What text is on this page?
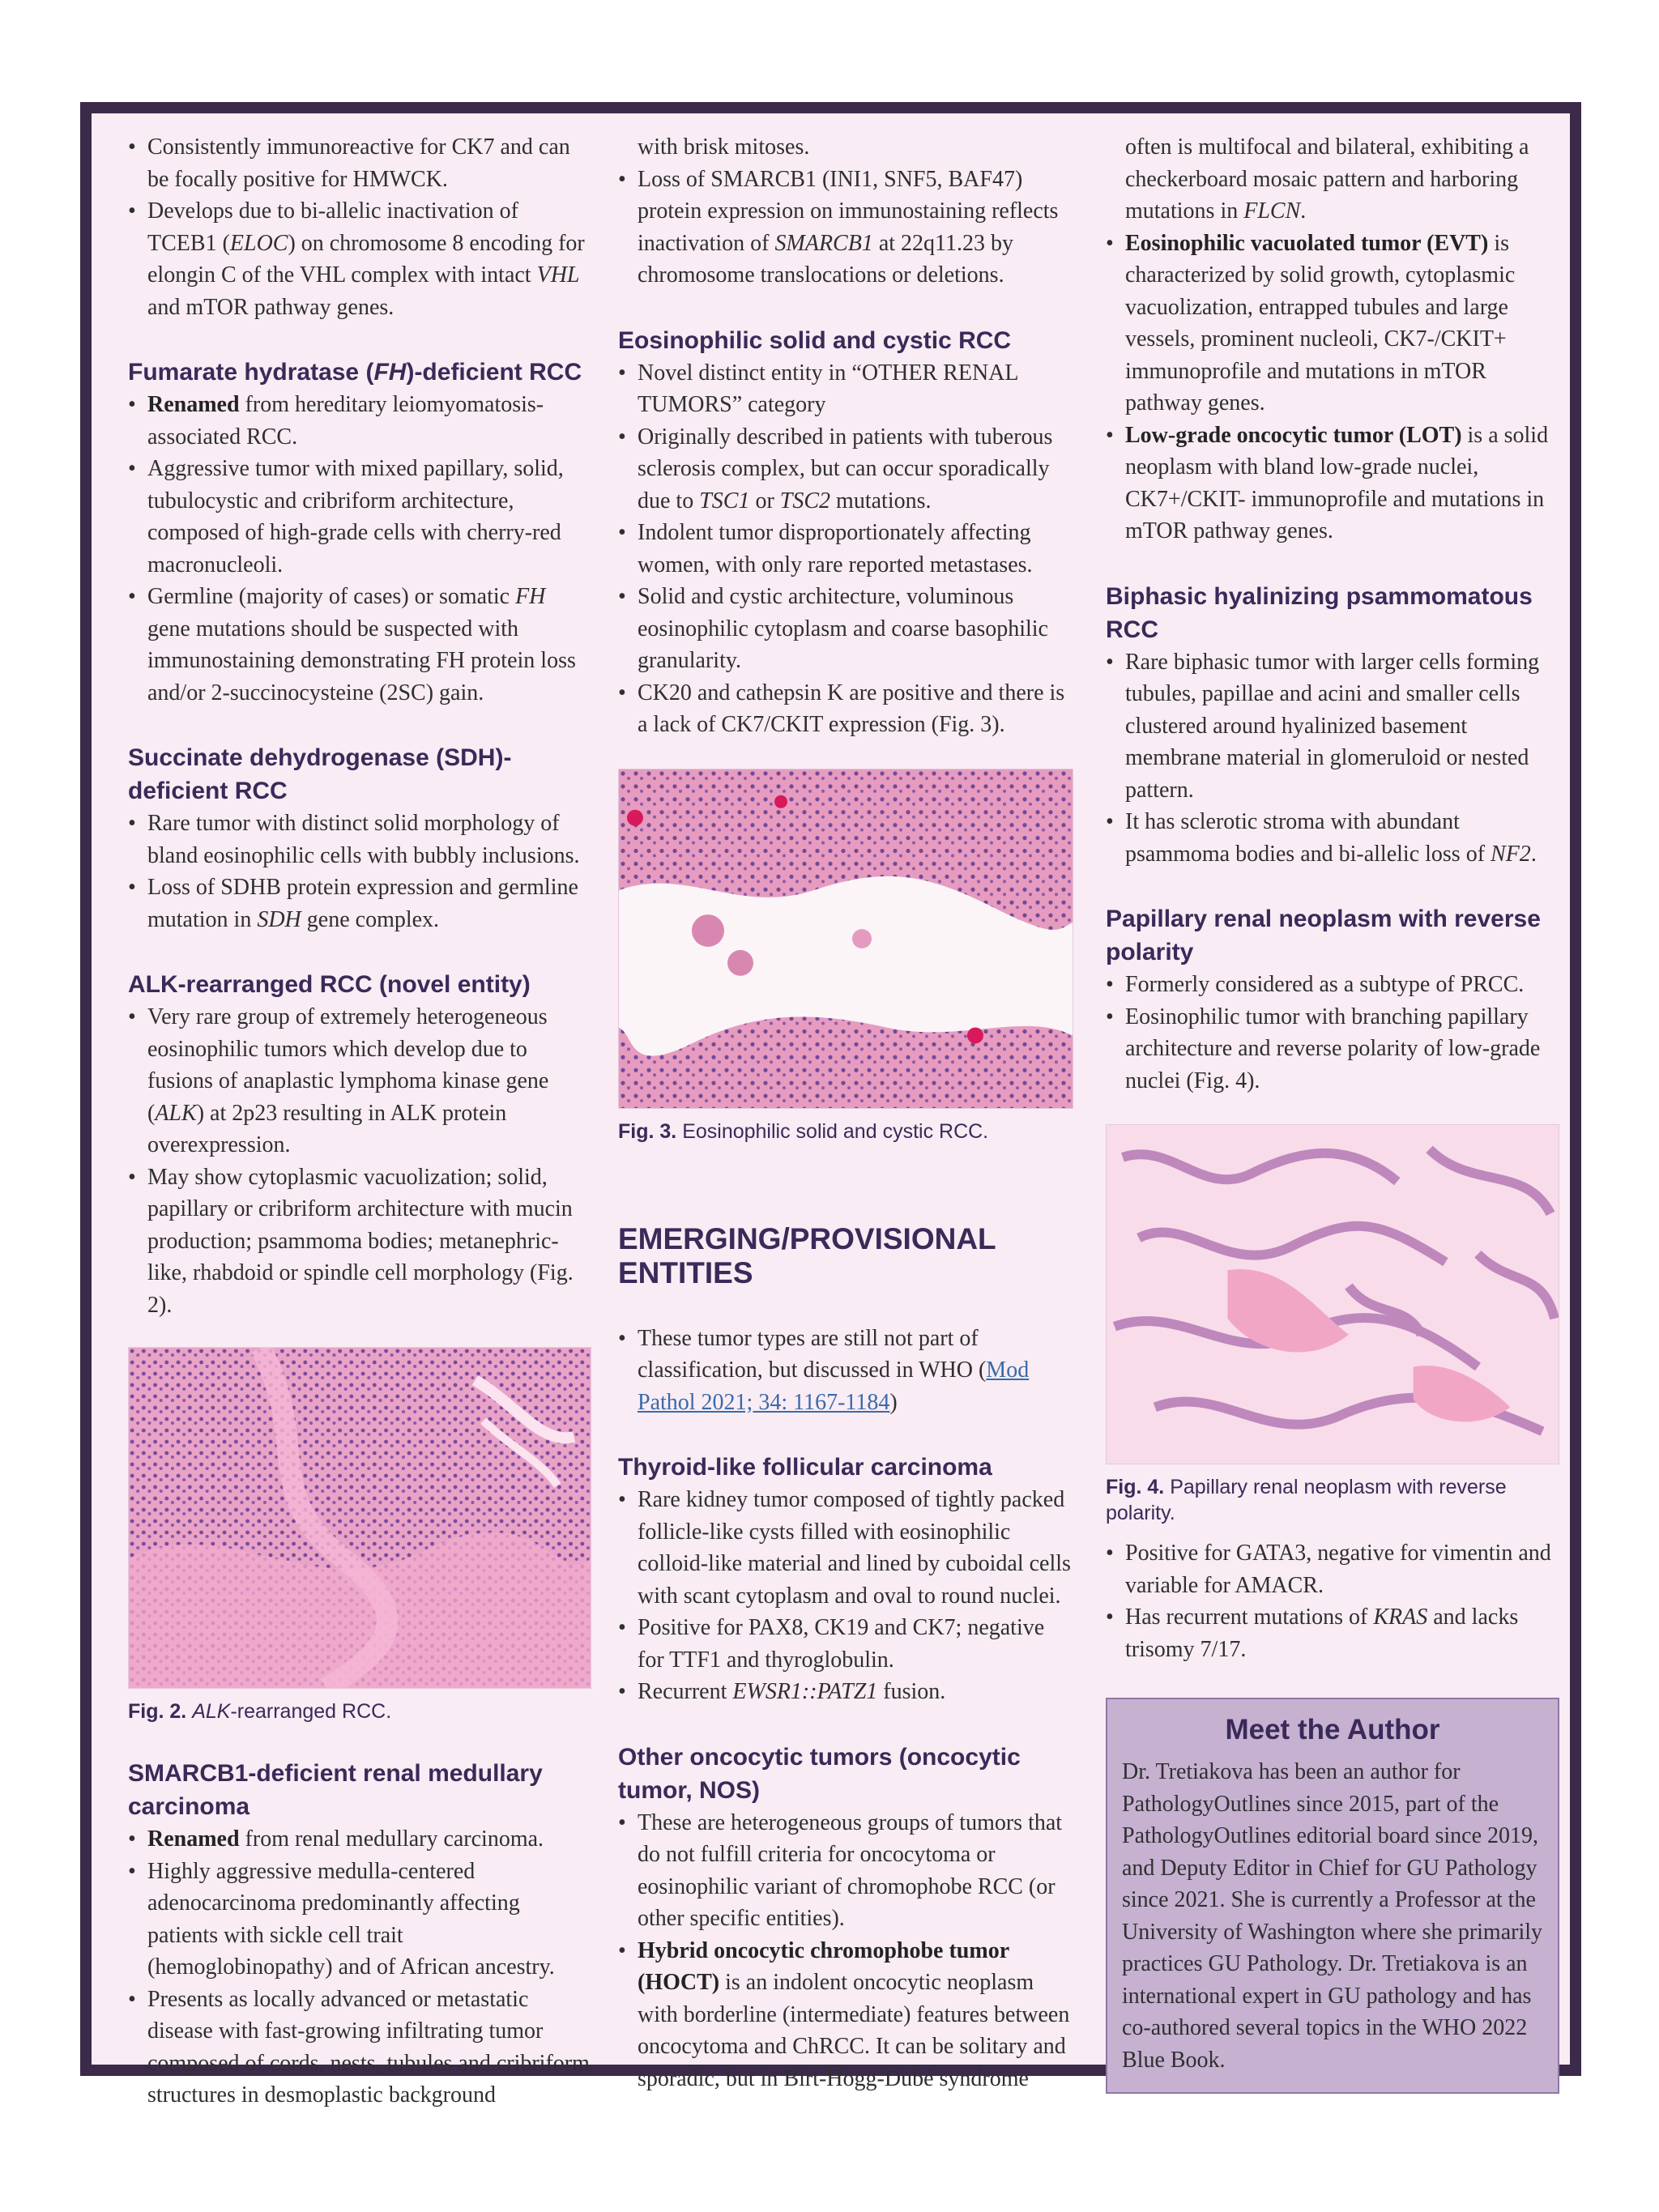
• Consistently immunoreactive for CK7 and can be focally positive for HMWCK.
• Develops due to bi-allelic inactivation of TCEB1 (ELOC) on chromosome 8 encoding for elongin C of the VHL complex with intact VHL and mTOR pathway genes.
Fumarate hydratase (FH)-deficient RCC
• Renamed from hereditary leiomyomatosis-associated RCC.
• Aggressive tumor with mixed papillary, solid, tubulocystic and cribriform architecture, composed of high-grade cells with cherry-red macronucleoli.
• Germline (majority of cases) or somatic FH gene mutations should be suspected with immunostaining demonstrating FH protein loss and/or 2-succinocysteine (2SC) gain.
Succinate dehydrogenase (SDH)-deficient RCC
• Rare tumor with distinct solid morphology of bland eosinophilic cells with bubbly inclusions.
• Loss of SDHB protein expression and germline mutation in SDH gene complex.
ALK-rearranged RCC (novel entity)
• Very rare group of extremely heterogeneous eosinophilic tumors which develop due to fusions of anaplastic lymphoma kinase gene (ALK) at 2p23 resulting in ALK protein overexpression.
• May show cytoplasmic vacuolization; solid, papillary or cribriform architecture with mucin production; psammoma bodies; metanephric-like, rhabdoid or spindle cell morphology (Fig. 2).
Fig. 2. ALK-rearranged RCC.
SMARCB1-deficient renal medullary carcinoma
• Renamed from renal medullary carcinoma.
• Highly aggressive medulla-centered adenocarcinoma predominantly affecting patients with sickle cell trait (hemoglobinopathy) and of African ancestry.
• Presents as locally advanced or metastatic disease with fast-growing infiltrating tumor composed of cords, nests, tubules and cribriform structures in desmoplastic background
with brisk mitoses.
• Loss of SMARCB1 (INI1, SNF5, BAF47) protein expression on immunostaining reflects inactivation of SMARCB1 at 22q11.23 by chromosome translocations or deletions.
Eosinophilic solid and cystic RCC
• Novel distinct entity in “OTHER RENAL TUMORS” category
• Originally described in patients with tuberous sclerosis complex, but can occur sporadically due to TSC1 or TSC2 mutations.
• Indolent tumor disproportionately affecting women, with only rare reported metastases.
• Solid and cystic architecture, voluminous eosinophilic cytoplasm and coarse basophilic granularity.
• CK20 and cathepsin K are positive and there is a lack of CK7/CKIT expression (Fig. 3).
Fig. 3. Eosinophilic solid and cystic RCC.
EMERGING/PROVISIONAL ENTITIES
• These tumor types are still not part of classification, but discussed in WHO (Mod Pathol 2021; 34: 1167-1184)
Thyroid-like follicular carcinoma
• Rare kidney tumor composed of tightly packed follicle-like cysts filled with eosinophilic colloid-like material and lined by cuboidal cells with scant cytoplasm and oval to round nuclei.
• Positive for PAX8, CK19 and CK7; negative for TTF1 and thyroglobulin.
• Recurrent EWSR1::PATZ1 fusion.
Other oncocytic tumors (oncocytic tumor, NOS)
• These are heterogeneous groups of tumors that do not fulfill criteria for oncocytoma or eosinophilic variant of chromophobe RCC (or other specific entities).
• Hybrid oncocytic chromophobe tumor (HOCT) is an indolent oncocytic neoplasm with borderline (intermediate) features between oncocytoma and ChRCC. It can be solitary and sporadic, but in Birt-Hogg-Dubé syndrome
often is multifocal and bilateral, exhibiting a checkerboard mosaic pattern and harboring mutations in FLCN.
• Eosinophilic vacuolated tumor (EVT) is characterized by solid growth, cytoplasmic vacuolization, entrapped tubules and large vessels, prominent nucleoli, CK7-/CKIT+ immunoprofile and mutations in mTOR pathway genes.
• Low-grade oncocytic tumor (LOT) is a solid neoplasm with bland low-grade nuclei, CK7+/CKIT- immunoprofile and mutations in mTOR pathway genes.
Biphasic hyalinizing psammomatous RCC
• Rare biphasic tumor with larger cells forming tubules, papillae and acini and smaller cells clustered around hyalinized basement membrane material in glomeruloid or nested pattern.
• It has sclerotic stroma with abundant psammoma bodies and bi-allelic loss of NF2.
Papillary renal neoplasm with reverse polarity
• Formerly considered as a subtype of PRCC.
• Eosinophilic tumor with branching papillary architecture and reverse polarity of low-grade nuclei (Fig. 4).
Fig. 4. Papillary renal neoplasm with reverse polarity.
• Positive for GATA3, negative for vimentin and variable for AMACR.
• Has recurrent mutations of KRAS and lacks trisomy 7/17.
Meet the Author

Dr. Tretiakova has been an author for PathologyOutlines since 2015, part of the PathologyOutlines editorial board since 2019, and Deputy Editor in Chief for GU Pathology since 2021. She is currently a Professor at the University of Washington where she primarily practices GU Pathology. Dr. Tretiakova is an international expert in GU pathology and has co-authored several topics in the WHO 2022 Blue Book.
